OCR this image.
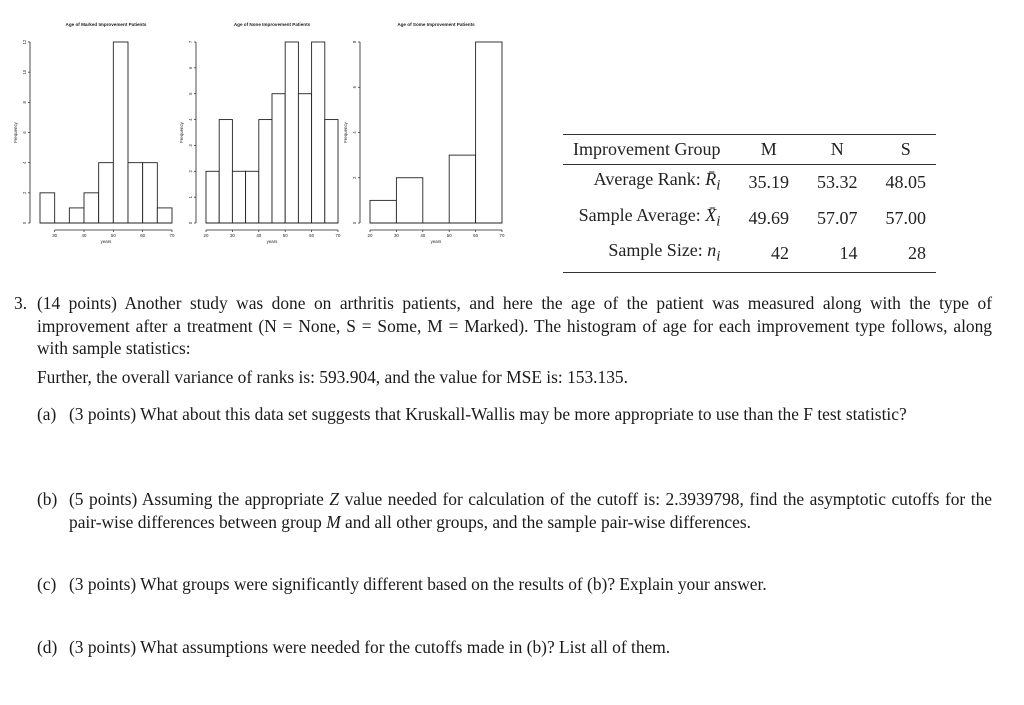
Age of Marked Improvement Patients
0
2
4
6
8
10
12
Frequency
30	40	50	60	70
years
Age of None Improvement Patients
0
1
2
3
4
5
6
7
Frequency
20	30	40	50	60	70
years
Age of Some Improvement Patients
0
2
4
6
8
Frequency
20	30	40	50	60	70
years
Improvement Group	M	N	S
Average Rank: $R̄_i$	35.19	53.32	48.05
Sample Average: $X̄_i$	49.69	57.07	57.00
Sample Size: $n_i$	42	14	28
3. (14 points) Another study was done on arthritis patients, and here the age of the patient was measured along with the type of improvement after a treatment (N = None, S = Some, M = Marked). The histogram of age for each improvement type follows, along with sample statistics:
Further, the overall variance of ranks is: 593.904, and the value for MSE is: 153.135.
(a) (3 points) What about this data set suggests that Kruskall-Wallis may be more appropriate to use than the F test statistic?
(b) (5 points) Assuming the appropriate Z value needed for calculation of the cutoff is: 2.3939798, find the asymptotic cutoffs for the pair-wise differences between group M and all other groups, and the sample pair-wise differences.
(c) (3 points) What groups were significantly different based on the results of (b)? Explain your answer.
(d) (3 points) What assumptions were needed for the cutoffs made in (b)? List all of them.
